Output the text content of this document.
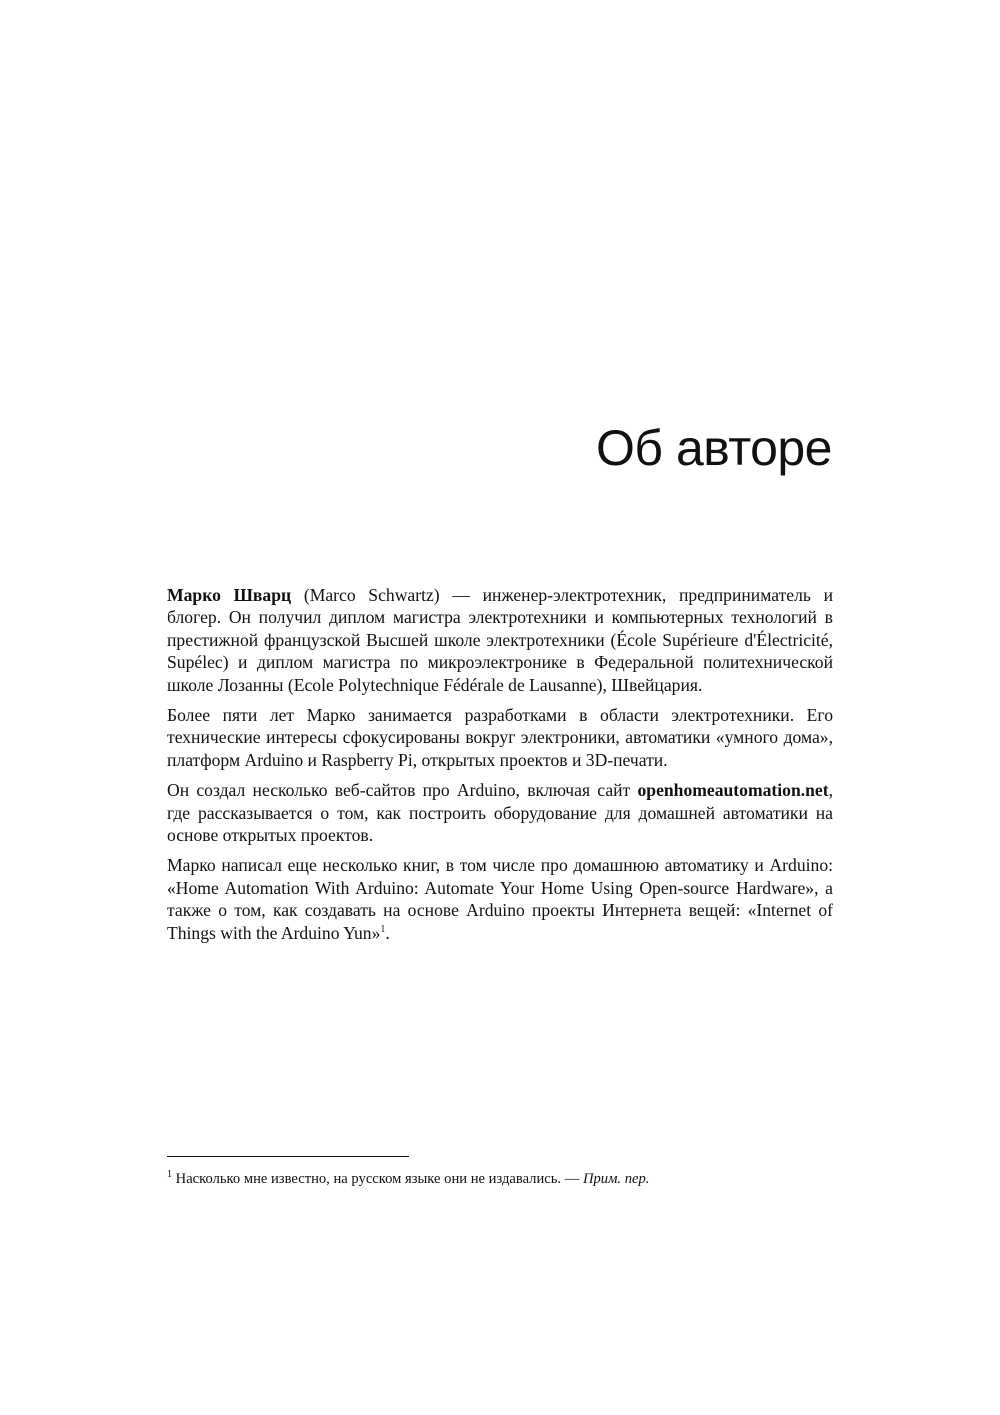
Об авторе

Марко Шварц (Marco Schwartz) — инженер-электротехник, предприниматель и блогер. Он получил диплом магистра электротехники и компьютерных технологий в престижной французской Высшей школе электротехники (École Supérieure d'Électricité, Supélec) и диплом магистра по микроэлектронике в Федеральной политехнической школе Лозанны (Ecole Polytechnique Fédérale de Lausanne), Швейцария.

Более пяти лет Марко занимается разработками в области электротехники. Его технические интересы сфокусированы вокруг электроники, автоматики «умного дома», платформ Arduino и Raspberry Pi, открытых проектов и 3D-печати.

Он создал несколько веб-сайтов про Arduino, включая сайт openhomeautomation.net, где рассказывается о том, как построить оборудование для домашней автоматики на основе открытых проектов.

Марко написал еще несколько книг, в том числе про домашнюю автоматику и Arduino: «Home Automation With Arduino: Automate Your Home Using Open-source Hardware», а также о том, как создавать на основе Arduino проекты Интернета вещей: «Internet of Things with the Arduino Yun»$^1$.

$^1$ Насколько мне известно, на русском языке они не издавались. — Прим. пер.
